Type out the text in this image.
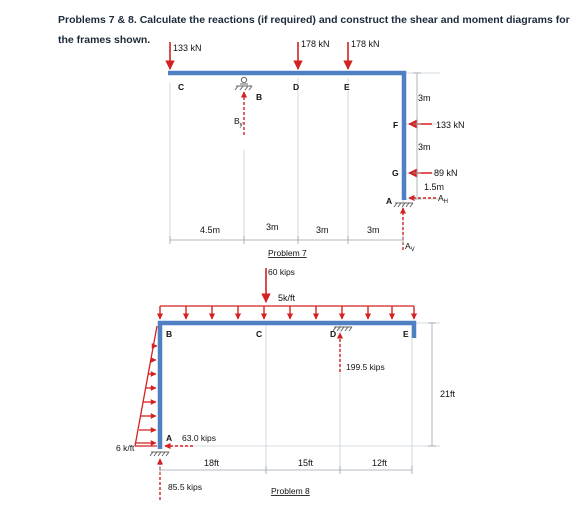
Problems 7 & 8. Calculate the reactions (if required) and construct the shear and moment diagrams for
the frames shown.
133 kN	178 kN 178 kN
C
B
D	E
F
G
A
133 kN
89 kN
$B_y$
$A_H$
$A_V$
4.5m	3m	3m	3m
3m
3m
1.5m
Problem 7
60 kips
5k/ft
6 k/ft
B	C	D	E
A 63.0 kips
85.5 kips
199.5 kips
18ft	15ft	12ft
21ft
Problem 8
